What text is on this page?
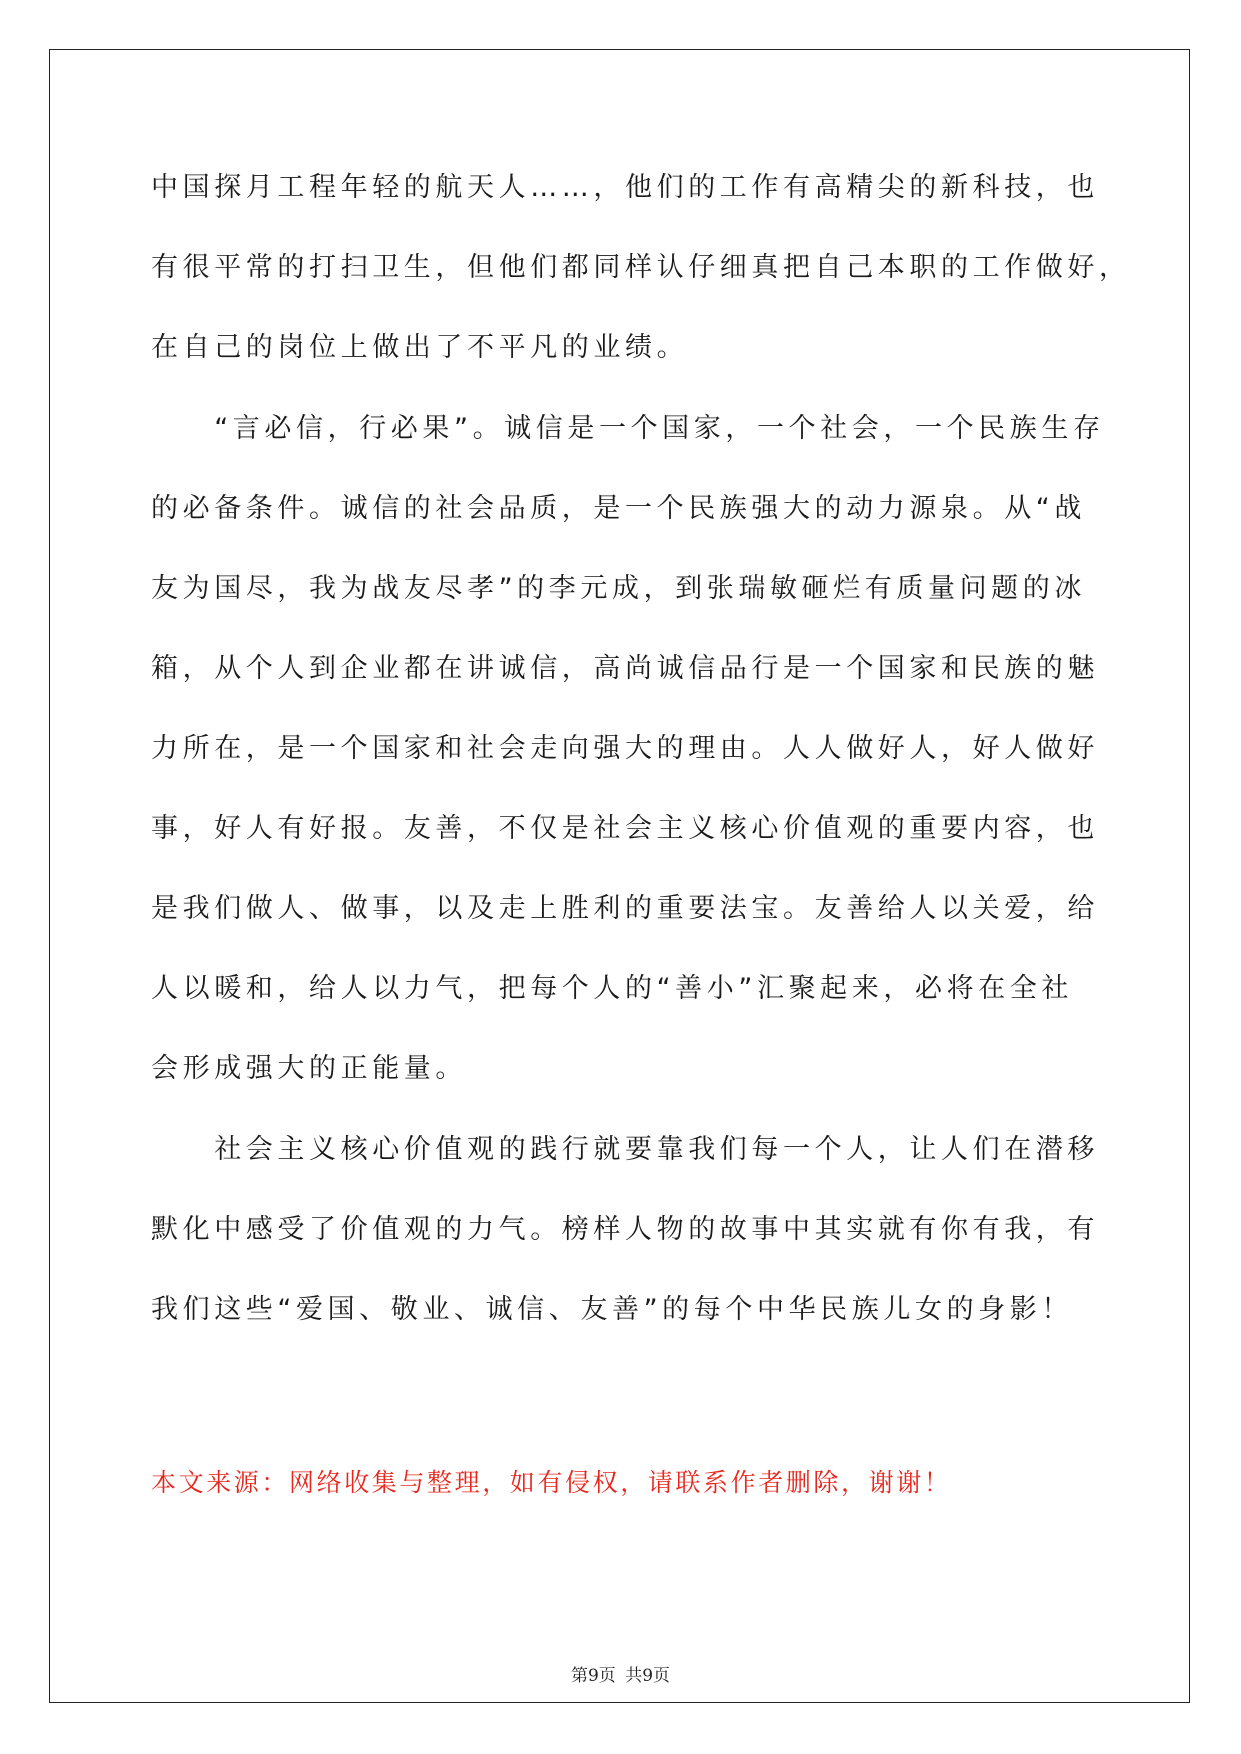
中国探月工程年轻的航天人……，他们的工作有高精尖的新科技，也
有很平常的打扫卫生，但他们都同样认仔细真把自己本职的工作做好，
在自己的岗位上做出了不平凡的业绩。
　　“言必信，行必果”。诚信是一个国家，一个社会，一个民族生存
的必备条件。诚信的社会品质，是一个民族强大的动力源泉。从“战
友为国尽，我为战友尽孝”的李元成，到张瑞敏砸烂有质量问题的冰
箱，从个人到企业都在讲诚信，高尚诚信品行是一个国家和民族的魅
力所在，是一个国家和社会走向强大的理由。人人做好人，好人做好
事，好人有好报。友善，不仅是社会主义核心价值观的重要内容，也
是我们做人、做事，以及走上胜利的重要法宝。友善给人以关爱，给
人以暖和，给人以力气，把每个人的“善小”汇聚起来，必将在全社
会形成强大的正能量。
　　社会主义核心价值观的践行就要靠我们每一个人，让人们在潜移
默化中感受了价值观的力气。榜样人物的故事中其实就有你有我，有
我们这些“爱国、敬业、诚信、友善”的每个中华民族儿女的身影！
本文来源：网络收集与整理，如有侵权，请联系作者删除，谢谢！
第9页 共9页
